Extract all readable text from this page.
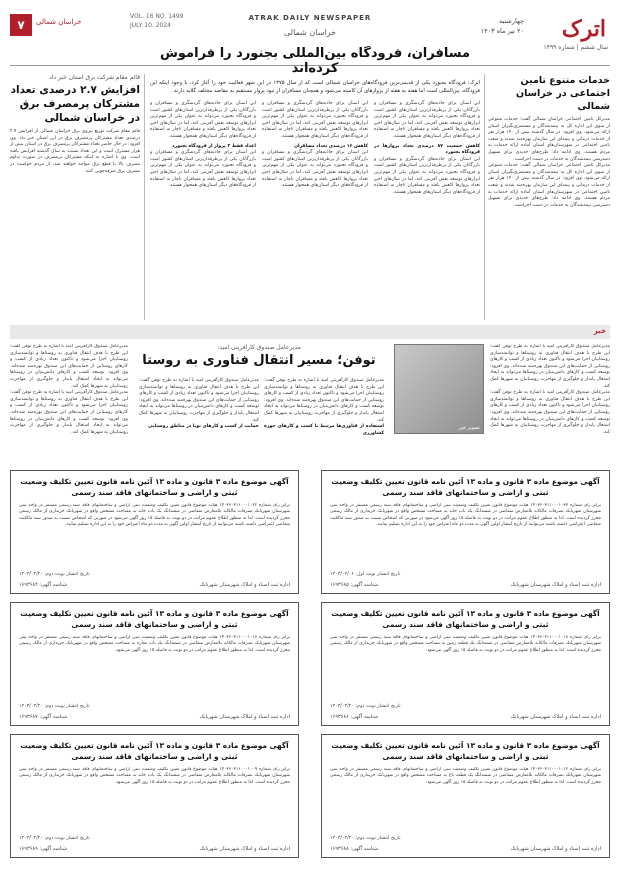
اترک
سال ششم | شماره ۱۴۹۹
چهارشنبه
۲۰ تیر ماه ۱۴۰۳
ATRAK DAILY NEWSPAPER
خراسان شمالی
VOL. 16 NO. 1499
JULY 10. 2024
خراسان شمالی
۷
قائم مقام شرکت برق استان خبر داد
افزایش ۲.۷ درصدی تعداد مشترکان پرمصرف برق در خراسان شمالی
قائم مقام شرکت توزیع نیروی برق خراسان شمالی از افزایش ۲.۷ درصدی تعداد مشترکان پرمصرف برق در این استان خبر داد. وی افزود: در حال حاضر تعداد مشترکان پرمصرف برق در استان بیش از هزار مشترک است و این تعداد نسبت به سال گذشته افزایش یافته است. وی با اشاره به اینکه مشترکان پرمصرف در صورت تداوم مصرف بالا با قطع برق مواجه خواهند شد، از مردم خواست در مصرف برق صرفه‌جویی کنند.
مسافران، فرودگاه بین‌المللی بجنورد را فراموش کرده‌اند
اترک: فرودگاه بجنورد یکی از قدیمی‌ترین فرودگاه‌های خراسان شمالی است که از سال ۱۳۷۵ در این شهر فعالیت خود را آغاز کرد، با وجود اینکه این فرودگاه، بین‌المللی است اما هفته به هفته از پروازهای آن کاسته می‌شود و همچنان مسافران از نبود پرواز مستقیم به مقاصد مختلف گلایه دارند.
این استان برای جاذبه‌های گردشگری و مسافران و بازرگانان یکی از پرطرفدارترین استان‌های کشور است و فرودگاه بجنورد می‌تواند به عنوان یکی از مهم‌ترین ابزارهای توسعه نقش آفرینی کند، اما در سال‌های اخیر تعداد پروازها کاهش یافته و مسافران ناچار به استفاده از فرودگاه‌های دیگر استان‌های همجوار هستند.
کاهش جمعیت ۸۷ درصدی تعداد پروازها در فرودگاه بجنورد
این استان برای جاذبه‌های گردشگری و مسافران و بازرگانان یکی از پرطرفدارترین استان‌های کشور است و فرودگاه بجنورد می‌تواند به عنوان یکی از مهم‌ترین ابزارهای توسعه نقش آفرینی کند، اما در سال‌های اخیر تعداد پروازها کاهش یافته و مسافران ناچار به استفاده از فرودگاه‌های دیگر استان‌های همجوار هستند.
این استان برای جاذبه‌های گردشگری و مسافران و بازرگانان یکی از پرطرفدارترین استان‌های کشور است و فرودگاه بجنورد می‌تواند به عنوان یکی از مهم‌ترین ابزارهای توسعه نقش آفرینی کند، اما در سال‌های اخیر تعداد پروازها کاهش یافته و مسافران ناچار به استفاده از فرودگاه‌های دیگر استان‌های همجوار هستند.
کاهش ۱۶ درصدی تعداد مسافران
این استان برای جاذبه‌های گردشگری و مسافران و بازرگانان یکی از پرطرفدارترین استان‌های کشور است و فرودگاه بجنورد می‌تواند به عنوان یکی از مهم‌ترین ابزارهای توسعه نقش آفرینی کند، اما در سال‌های اخیر تعداد پروازها کاهش یافته و مسافران ناچار به استفاده از فرودگاه‌های دیگر استان‌های همجوار هستند.
این استان برای جاذبه‌های گردشگری و مسافران و بازرگانان یکی از پرطرفدارترین استان‌های کشور است و فرودگاه بجنورد می‌تواند به عنوان یکی از مهم‌ترین ابزارهای توسعه نقش آفرینی کند، اما در سال‌های اخیر تعداد پروازها کاهش یافته و مسافران ناچار به استفاده از فرودگاه‌های دیگر استان‌های همجوار هستند.
اعداد فقط ۲ پرواز از فرودگاه بجنورد
این استان برای جاذبه‌های گردشگری و مسافران و بازرگانان یکی از پرطرفدارترین استان‌های کشور است و فرودگاه بجنورد می‌تواند به عنوان یکی از مهم‌ترین ابزارهای توسعه نقش آفرینی کند، اما در سال‌های اخیر تعداد پروازها کاهش یافته و مسافران ناچار به استفاده از فرودگاه‌های دیگر استان‌های همجوار هستند.
خدمات متنوع تامین اجتماعی در خراسان شمالی
مدیرکل تامین اجتماعی خراسان شمالی گفت: خدمات متنوعی از سوی این اداره کل به بیمه‌شدگان و مستمری‌بگیران استان ارائه می‌شود. وی افزود: در سال گذشته بیش از ۱۴۰ هزار نفر از خدمات درمانی و بیمه‌ای این سازمان بهره‌مند شدند و شعب تامین اجتماعی در شهرستان‌های استان آماده ارائه خدمات به مردم هستند. وی ادامه داد: طرح‌های جدیدی برای تسهیل دسترسی بیمه‌شدگان به خدمات در دست اجراست.
مدیرکل تامین اجتماعی خراسان شمالی گفت: خدمات متنوعی از سوی این اداره کل به بیمه‌شدگان و مستمری‌بگیران استان ارائه می‌شود. وی افزود: در سال گذشته بیش از ۱۴۰ هزار نفر از خدمات درمانی و بیمه‌ای این سازمان بهره‌مند شدند و شعب تامین اجتماعی در شهرستان‌های استان آماده ارائه خدمات به مردم هستند. وی ادامه داد: طرح‌های جدیدی برای تسهیل دسترسی بیمه‌شدگان به خدمات در دست اجراست.
خبر
مدیرعامل صندوق کارآفرینی امید با اشاره به طرح توفن گفت: این طرح با هدف انتقال فناوری به روستاها و توانمندسازی روستاییان اجرا می‌شود و تاکنون تعداد زیادی از کسب و کارهای روستایی از حمایت‌های این صندوق بهره‌مند شده‌اند. وی افزود: توسعه کسب و کارهای دانش‌بنیان در روستاها می‌تواند به ایجاد اشتغال پایدار و جلوگیری از مهاجرت روستاییان به شهرها کمک کند.
مدیرعامل صندوق کارآفرینی امید با اشاره به طرح توفن گفت: این طرح با هدف انتقال فناوری به روستاها و توانمندسازی روستاییان اجرا می‌شود و تاکنون تعداد زیادی از کسب و کارهای روستایی از حمایت‌های این صندوق بهره‌مند شده‌اند. وی افزود: توسعه کسب و کارهای دانش‌بنیان در روستاها می‌تواند به ایجاد اشتغال پایدار و جلوگیری از مهاجرت روستاییان به شهرها کمک کند.
تصویر خبر
مدیرعامل صندوق کارآفرینی امید:
توفن؛ مسیر انتقال فناوری به روستا
مدیرعامل صندوق کارآفرینی امید با اشاره به طرح توفن گفت: این طرح با هدف انتقال فناوری به روستاها و توانمندسازی روستاییان اجرا می‌شود و تاکنون تعداد زیادی از کسب و کارهای روستایی از حمایت‌های این صندوق بهره‌مند شده‌اند. وی افزود: توسعه کسب و کارهای دانش‌بنیان در روستاها می‌تواند به ایجاد اشتغال پایدار و جلوگیری از مهاجرت روستاییان به شهرها کمک کند.
استفاده از فناوری‌ها مرتبط با کسب و کارهای حوزه کشاورزی
مدیرعامل صندوق کارآفرینی امید با اشاره به طرح توفن گفت: این طرح با هدف انتقال فناوری به روستاها و توانمندسازی روستاییان اجرا می‌شود و تاکنون تعداد زیادی از کسب و کارهای روستایی از حمایت‌های این صندوق بهره‌مند شده‌اند. وی افزود: توسعه کسب و کارهای دانش‌بنیان در روستاها می‌تواند به ایجاد اشتغال پایدار و جلوگیری از مهاجرت روستاییان به شهرها کمک کند.
حمایت از کسب و کارهای نوپا در مناطق روستایی
مدیرعامل صندوق کارآفرینی امید با اشاره به طرح توفن گفت: این طرح با هدف انتقال فناوری به روستاها و توانمندسازی روستاییان اجرا می‌شود و تاکنون تعداد زیادی از کسب و کارهای روستایی از حمایت‌های این صندوق بهره‌مند شده‌اند. وی افزود: توسعه کسب و کارهای دانش‌بنیان در روستاها می‌تواند به ایجاد اشتغال پایدار و جلوگیری از مهاجرت روستاییان به شهرها کمک کند.
مدیرعامل صندوق کارآفرینی امید با اشاره به طرح توفن گفت: این طرح با هدف انتقال فناوری به روستاها و توانمندسازی روستاییان اجرا می‌شود و تاکنون تعداد زیادی از کسب و کارهای روستایی از حمایت‌های این صندوق بهره‌مند شده‌اند. وی افزود: توسعه کسب و کارهای دانش‌بنیان در روستاها می‌تواند به ایجاد اشتغال پایدار و جلوگیری از مهاجرت روستاییان به شهرها کمک کند.
آگهی موضوع ماده ۳ قانون و ماده ۱۳ آئین نامه قانون تعیین تکلیف وضعیت ثبتی و اراضی و ساختمانهای فاقد سند رسمی
برابر رأی شماره ۱۴۰۳۶۰۳۱۱۰۰۰۱۰۳۳ هیات موضوع قانون تعیین تکلیف وضعیت ثبتی اراضی و ساختمانهای فاقد سند رسمی مستقر در واحد ثبتی شهرستان شهربابک تصرفات مالکانه بلامعارض متقاضی در ششدانگ یک باب خانه به مساحت مشخص واقع در شهربابک خریداری از مالک رسمی محرز گردیده است. لذا به منظور اطلاع عموم مراتب در دو نوبت به فاصله ۱۵ روز آگهی می‌شود در صورتی که اشخاص نسبت به صدور سند مالکیت متقاضی اعتراضی داشته باشند می‌توانند از تاریخ انتشار اولین آگهی به مدت دو ماه اعتراض خود را به این اداره تسلیم نمایند.
تاریخ انتشار نوبت اول: ۱۴۰۳/۰۴/۰۶
اداره ثبت اسناد و املاک شهرستان شهربابک
شناسه آگهی: ۱۶۹۳۶۸۵
آگهی موضوع ماده ۳ قانون و ماده ۱۳ آئین نامه قانون تعیین تکلیف وضعیت ثبتی و اراضی و ساختمانهای فاقد سند رسمی
برابر رأی شماره ۱۴۰۳۶۰۳۱۱۰۰۰۱۰۲۲ هیات موضوع قانون تعیین تکلیف وضعیت ثبتی اراضی و ساختمانهای فاقد سند رسمی مستقر در واحد ثبتی شهرستان شهربابک تصرفات مالکانه بلامعارض متقاضی در ششدانگ یک باب خانه به مساحت مشخص واقع در شهربابک خریداری از مالک رسمی محرز گردیده است. لذا به منظور اطلاع عموم مراتب در دو نوبت به فاصله ۱۵ روز آگهی می‌شود در صورتی که اشخاص نسبت به صدور سند مالکیت متقاضی اعتراضی داشته باشند می‌توانند از تاریخ انتشار اولین آگهی به مدت دو ماه اعتراض خود را به این اداره تسلیم نمایند.
تاریخ انتشار نوبت دوم: ۱۴۰۳/۰۴/۲۰
اداره ثبت اسناد و املاک شهرستان شهربابک
شناسه آگهی: ۱۶۹۳۶۸۴
آگهی موضوع ماده ۳ قانون و ماده ۱۳ آئین نامه قانون تعیین تکلیف وضعیت ثبتی و اراضی و ساختمانهای فاقد سند رسمی
برابر رأی شماره ۱۴۰۳۶۰۳۱۱۰۰۰۱۰۱۸ هیات موضوع قانون تعیین تکلیف وضعیت ثبتی اراضی و ساختمانهای فاقد سند رسمی مستقر در واحد ثبتی شهرستان شهربابک تصرفات مالکانه بلامعارض متقاضی در ششدانگ یک قطعه زمین به مساحت مشخص واقع در شهربابک خریداری از مالک رسمی محرز گردیده است. لذا به منظور اطلاع عموم مراتب در دو نوبت به فاصله ۱۵ روز آگهی می‌شود.
تاریخ انتشار نوبت دوم: ۱۴۰۳/۰۴/۲۰
اداره ثبت اسناد و املاک شهرستان شهربابک
شناسه آگهی: ۱۶۹۳۶۸۶
آگهی موضوع ماده ۳ قانون و ماده ۱۳ آئین نامه قانون تعیین تکلیف وضعیت ثبتی و اراضی و ساختمانهای فاقد سند رسمی
برابر رأی شماره ۱۴۰۳۶۰۳۱۱۰۰۰۱۰۱۶ هیات موضوع قانون تعیین تکلیف وضعیت ثبتی اراضی و ساختمانهای فاقد سند رسمی مستقر در واحد ثبتی شهرستان شهربابک تصرفات مالکانه بلامعارض متقاضی در ششدانگ یک باب مغازه به مساحت مشخص واقع در شهربابک خریداری از مالک رسمی محرز گردیده است. لذا به منظور اطلاع عموم مراتب در دو نوبت به فاصله ۱۵ روز آگهی می‌شود.
تاریخ انتشار نوبت دوم: ۱۴۰۳/۰۴/۲۰
اداره ثبت اسناد و املاک شهرستان شهربابک
شناسه آگهی: ۱۶۹۳۶۸۷
آگهی موضوع ماده ۳ قانون و ماده ۱۳ آئین نامه قانون تعیین تکلیف وضعیت ثبتی و اراضی و ساختمانهای فاقد سند رسمی
برابر رأی شماره ۱۴۰۳۶۰۳۱۱۰۰۰۱۰۱۲ هیات موضوع قانون تعیین تکلیف وضعیت ثبتی اراضی و ساختمانهای فاقد سند رسمی مستقر در واحد ثبتی شهرستان شهربابک تصرفات مالکانه بلامعارض متقاضی در ششدانگ یک قطعه باغ به مساحت مشخص واقع در شهربابک خریداری از مالک رسمی محرز گردیده است. لذا به منظور اطلاع عموم مراتب در دو نوبت به فاصله ۱۵ روز آگهی می‌شود.
تاریخ انتشار نوبت دوم: ۱۴۰۳/۰۴/۲۰
اداره ثبت اسناد و املاک شهرستان شهربابک
شناسه آگهی: ۱۶۹۳۶۸۸
آگهی موضوع ماده ۳ قانون و ماده ۱۳ آئین نامه قانون تعیین تکلیف وضعیت ثبتی و اراضی و ساختمانهای فاقد سند رسمی
برابر رأی شماره ۱۴۰۳۶۰۳۱۱۰۰۰۱۰۰۹ هیات موضوع قانون تعیین تکلیف وضعیت ثبتی اراضی و ساختمانهای فاقد سند رسمی مستقر در واحد ثبتی شهرستان شهربابک تصرفات مالکانه بلامعارض متقاضی در ششدانگ یک باب خانه به مساحت مشخص واقع در شهربابک خریداری از مالک رسمی محرز گردیده است. لذا به منظور اطلاع عموم مراتب در دو نوبت به فاصله ۱۵ روز آگهی می‌شود.
تاریخ انتشار نوبت دوم: ۱۴۰۳/۰۴/۲۰
اداره ثبت اسناد و املاک شهرستان شهربابک
شناسه آگهی: ۱۶۹۳۶۸۹
